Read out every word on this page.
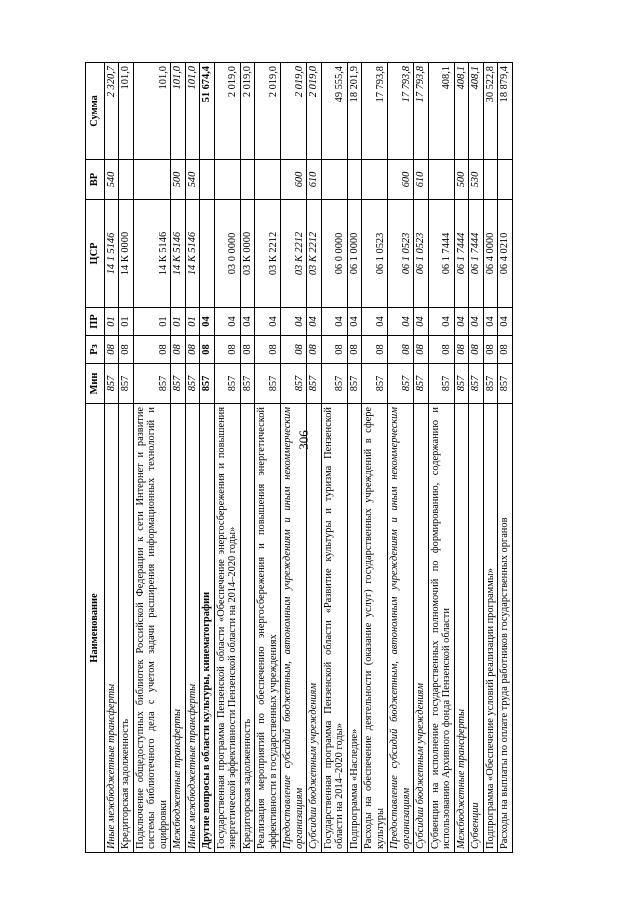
306
Наименование	Мин	Рз	ПР	ЦСР	ВР	Сумма
Иные межбюджетные трансферты	857	08	01	14 1 5146	540	2 320,7
Кредиторская задолженность	857	08	01	14 К 0000		101,0
Подключение общедоступных библиотек Российской Федерации к сети Интернет и развитие системы библиотечного дела с учетом задачи расширения информационных технологий и оцифровки	857	08	01	14 К 5146		101,0
Межбюджетные трансферты	857	08	01	14 К 5146	500	101,0
Иные межбюджетные трансферты	857	08	01	14 К 5146	540	101,0
Другие вопросы в области культуры, кинематографии	857	08	04			51 674,4
Государственная программа Пензенской области «Обеспечение энергосбережения и повышения энергетической эффективности Пензенской области на 2014–2020 годы»	857	08	04	03 0 0000		2 019,0
Кредиторская задолженность	857	08	04	03 К 0000		2 019,0
Реализация мероприятий по обеспечению энергосбережения и повышения энергетической эффективности в государственных учреждениях	857	08	04	03 К 2212		2 019,0
Предоставление субсидий бюджетным, автономным учреждениям и иным некоммерческим организациям	857	08	04	03 К 2212	600	2 019,0
Субсидии бюджетным учреждениям	857	08	04	03 К 2212	610	2 019,0
Государственная программа Пензенской области «Развитие культуры и туризма Пензенской области на 2014–2020 годы»	857	08	04	06 0 0000		49 555,4
Подпрограмма «Наследие»	857	08	04	06 1 0000		18 201,9
Расходы на обеспечение деятельности (оказание услуг) государственных учреждений в сфере культуры	857	08	04	06 1 0523		17 793,8
Предоставление субсидий бюджетным, автономным учреждениям и иным некоммерческим организациям	857	08	04	06 1 0523	600	17 793,8
Субсидии бюджетным учреждениям	857	08	04	06 1 0523	610	17 793,8
Субвенции на исполнение государственных полномочий по формированию, содержанию и использованию Архивного фонда Пензенской области	857	08	04	06 1 7444		408,1
Межбюджетные трансферты	857	08	04	06 1 7444	500	408,1
Субвенции	857	08	04	06 1 7444	530	408,1
Подпрограмма «Обеспечение условий реализации программы»	857	08	04	06 4 0000		30 522,8
Расходы на выплаты по оплате труда работников государственных органов	857	08	04	06 4 0210		18 879,4
